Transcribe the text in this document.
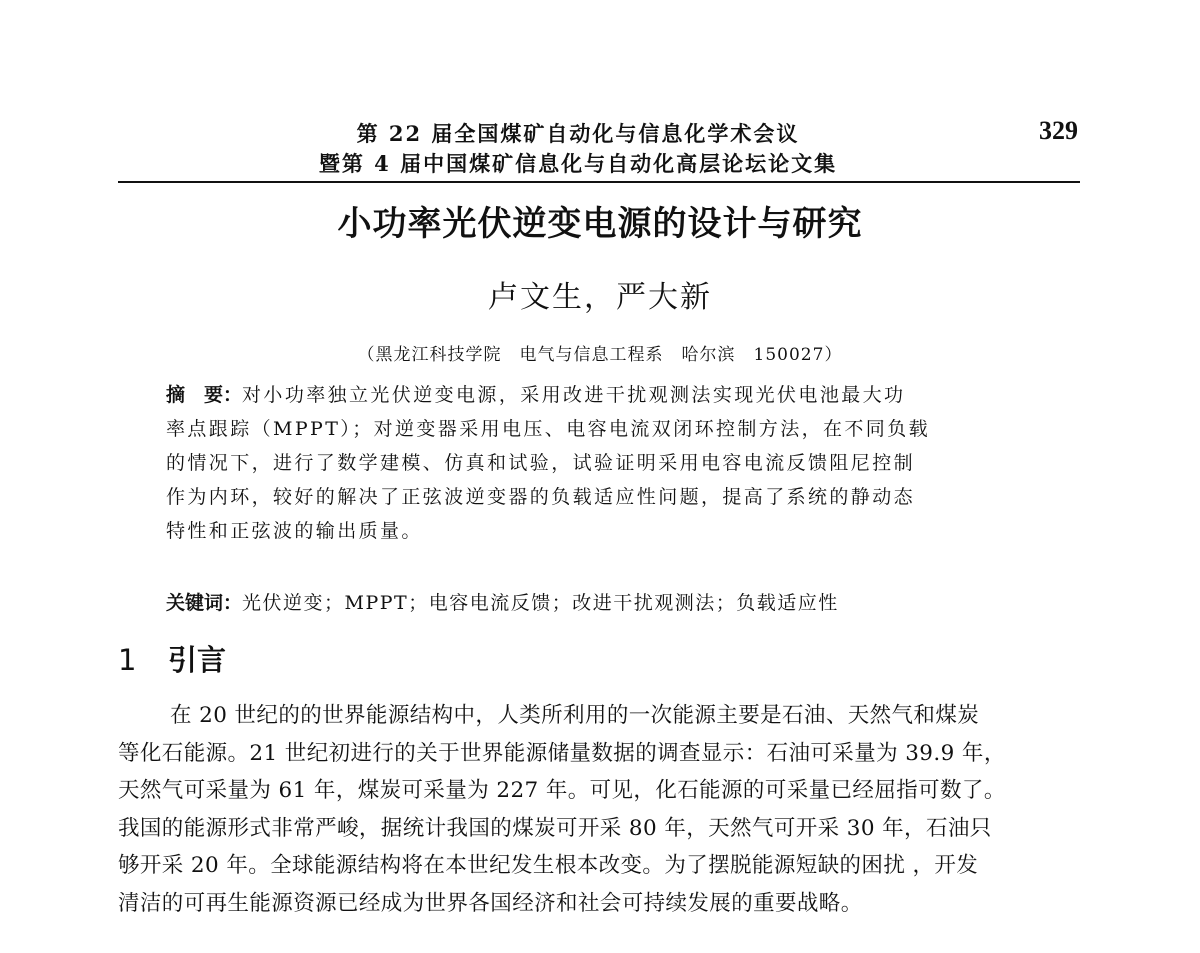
第 22 届全国煤矿自动化与信息化学术会议
暨第 4 届中国煤矿信息化与自动化高层论坛论文集
329
小功率光伏逆变电源的设计与研究
卢文生，严大新
（黑龙江科技学院　电气与信息工程系　哈尔滨　150027）
摘　要：对小功率独立光伏逆变电源，采用改进干扰观测法实现光伏电池最大功
率点跟踪（MPPT）；对逆变器采用电压、电容电流双闭环控制方法，在不同负载
的情况下，进行了数学建模、仿真和试验，试验证明采用电容电流反馈阻尼控制
作为内环，较好的解决了正弦波逆变器的负载适应性问题，提高了系统的静动态
特性和正弦波的输出质量。
关键词：光伏逆变；MPPT；电容电流反馈；改进干扰观测法；负载适应性
1 引言
在 20 世纪的的世界能源结构中，人类所利用的一次能源主要是石油、天然气和煤炭
等化石能源。21 世纪初进行的关于世界能源储量数据的调查显示：石油可采量为 39.9 年，
天然气可采量为 61 年，煤炭可采量为 227 年。可见，化石能源的可采量已经屈指可数了。
我国的能源形式非常严峻，据统计我国的煤炭可开采 80 年，天然气可开采 30 年，石油只
够开采 20 年。全球能源结构将在本世纪发生根本改变。为了摆脱能源短缺的困扰 ，开发
清洁的可再生能源资源已经成为世界各国经济和社会可持续发展的重要战略。
